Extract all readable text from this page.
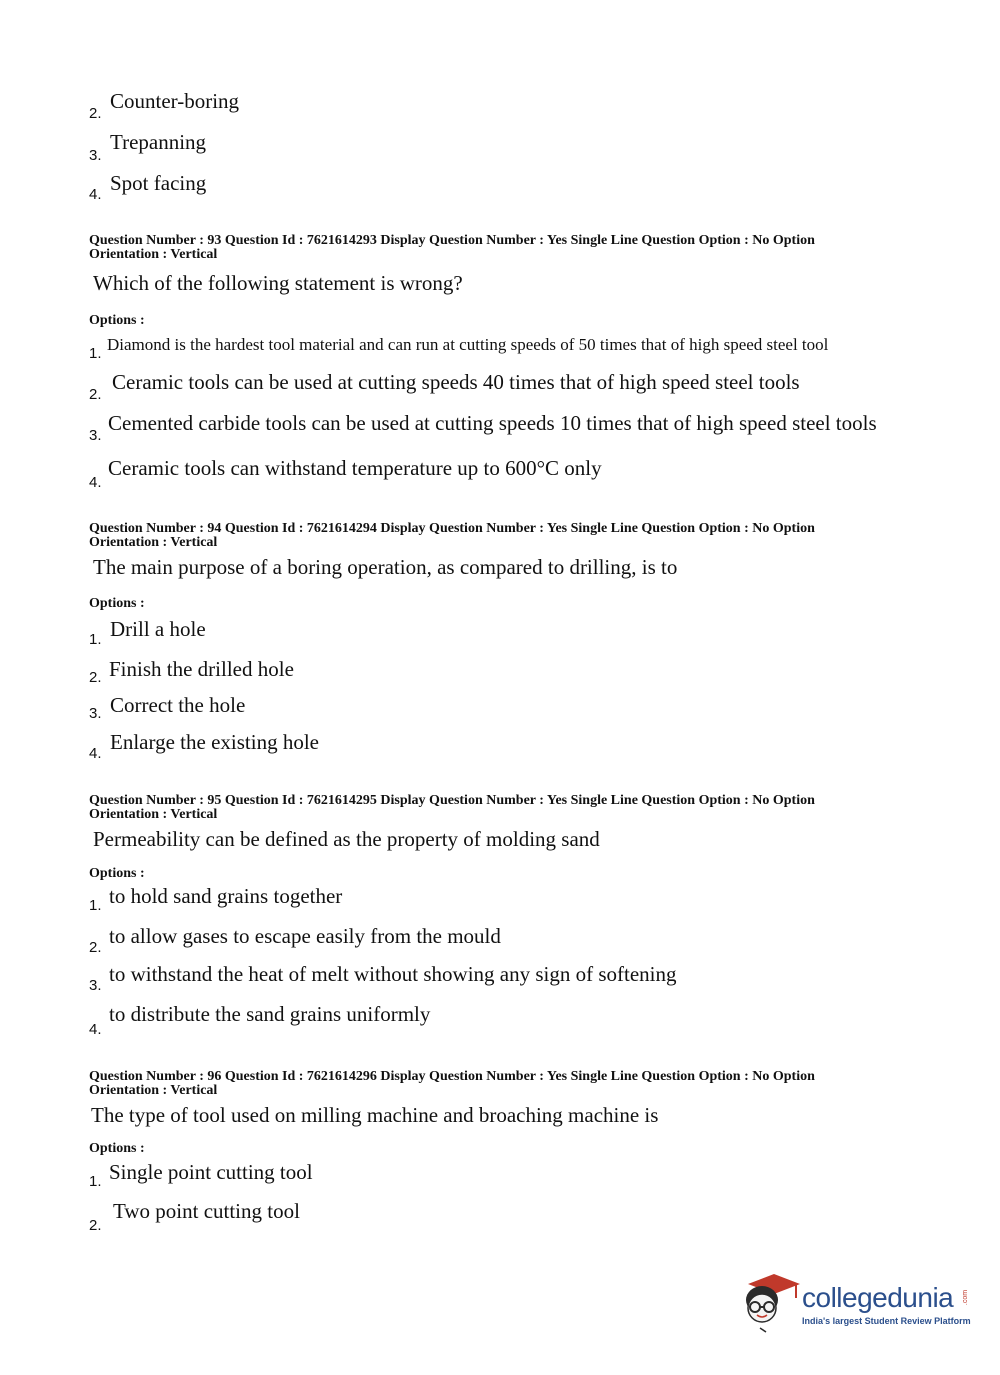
2.
Counter-boring
3.
Trepanning
4. Spot facing
Question Number : 93 Question Id : 7621614293 Display Question Number : Yes Single Line Question Option : No Option
Orientation : Vertical
Which of the following statement is wrong?
Options :
1. Diamond is the hardest tool material and can run at cutting speeds of 50 times that of high speed steel tool
2.
Ceramic tools can be used at cutting speeds 40 times that of high speed steel tools
3.
Cemented carbide tools can be used at cutting speeds 10 times that of high speed steel tools
4.
Ceramic tools can withstand temperature up to 600°C only
Question Number : 94 Question Id : 7621614294 Display Question Number : Yes Single Line Question Option : No Option
Orientation : Vertical
The main purpose of a boring operation, as compared to drilling, is to
Options :
1. Drill a hole
2. Finish the drilled hole
3. Correct the hole
4. Enlarge the existing hole
Question Number : 95 Question Id : 7621614295 Display Question Number : Yes Single Line Question Option : No Option
Orientation : Vertical
Permeability can be defined as the property of molding sand
Options :
1. to hold sand grains together
2. to allow gases to escape easily from the mould
3. to withstand the heat of melt without showing any sign of softening
4.
to distribute the sand grains uniformly
Question Number : 96 Question Id : 7621614296 Display Question Number : Yes Single Line Question Option : No Option
Orientation : Vertical
The type of tool used on milling machine and broaching machine is
Options :
1. Single point cutting tool
2.
Two point cutting tool
collegedunia .com
India's largest Student Review Platform
